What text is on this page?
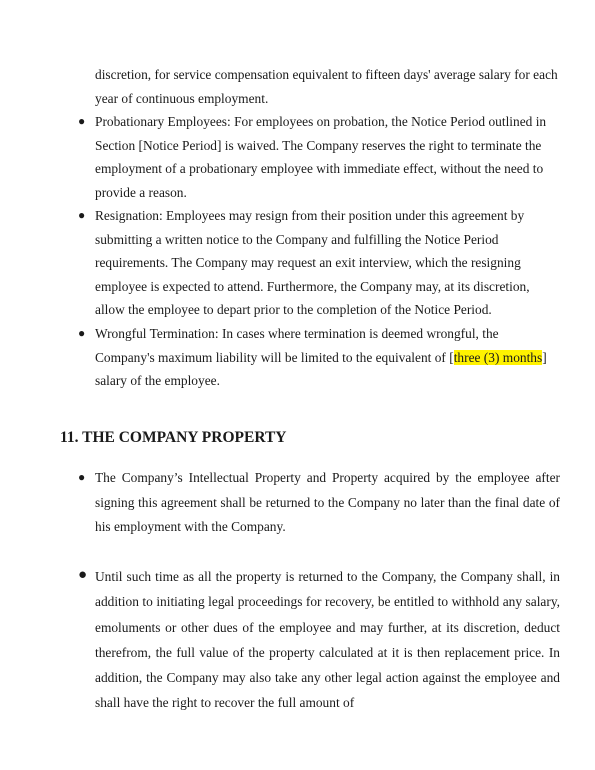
discretion, for service compensation equivalent to fifteen days' average salary for each year of continuous employment.

● Probationary Employees: For employees on probation, the Notice Period outlined in Section [Notice Period] is waived. The Company reserves the right to terminate the employment of a probationary employee with immediate effect, without the need to provide a reason.
● Resignation: Employees may resign from their position under this agreement by submitting a written notice to the Company and fulfilling the Notice Period requirements. The Company may request an exit interview, which the resigning employee is expected to attend. Furthermore, the Company may, at its discretion, allow the employee to depart prior to the completion of the Notice Period.
● Wrongful Termination: In cases where termination is deemed wrongful, the Company's maximum liability will be limited to the equivalent of [three (3) months] salary of the employee.
11. THE COMPANY PROPERTY
● The Company’s Intellectual Property and Property acquired by the employee after signing this agreement shall be returned to the Company no later than the final date of his employment with the Company.
● Until such time as all the property is returned to the Company, the Company shall, in addition to initiating legal proceedings for recovery, be entitled to withhold any salary, emoluments or other dues of the employee and may further, at its discretion, deduct therefrom, the full value of the property calculated at it is then replacement price. In addition, the Company may also take any other legal action against the employee and shall have the right to recover the full amount of
